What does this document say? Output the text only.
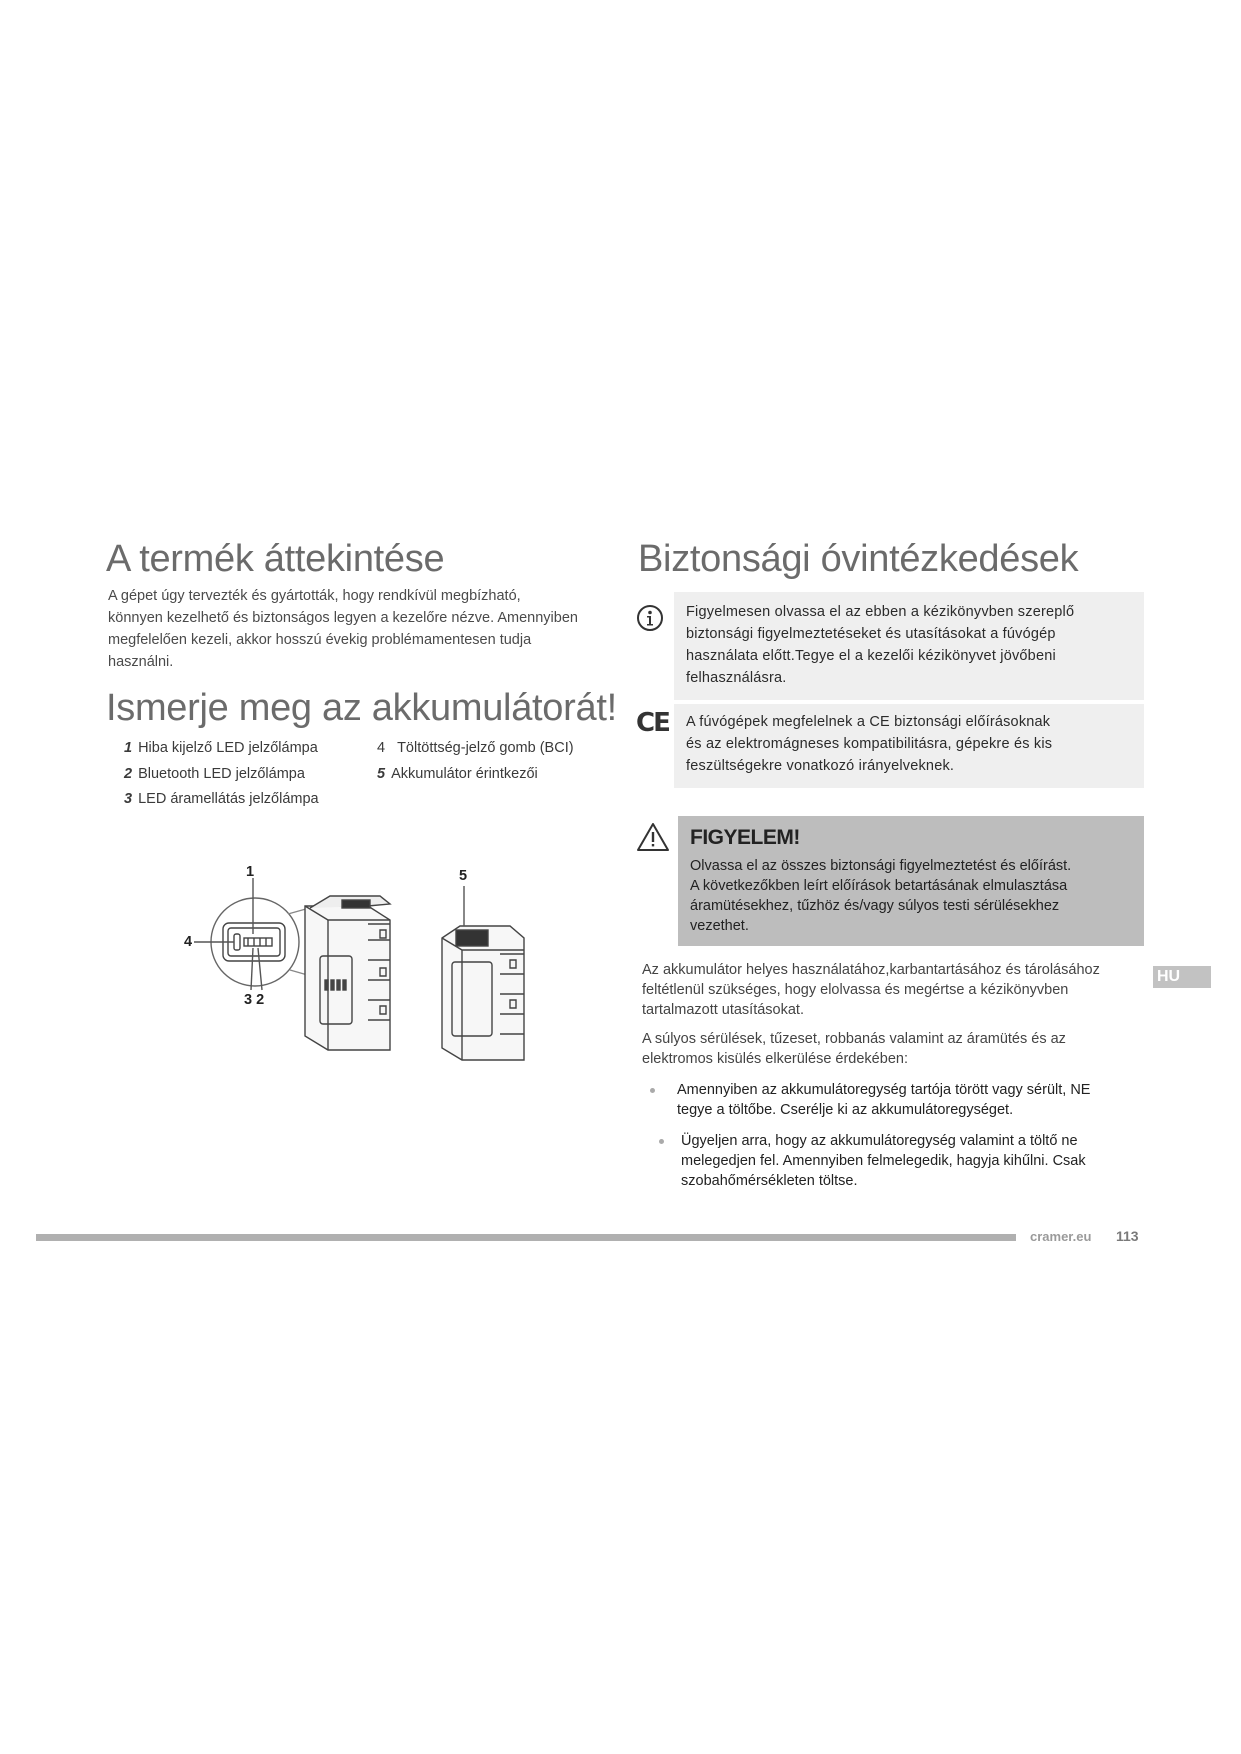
A termék áttekintése
A gépet úgy tervezték és gyártották, hogy rendkívül megbízható,
könnyen kezelhető és biztonságos legyen a kezelőre nézve. Amennyiben
megfelelően kezeli, akkor hosszú évekig problémamentesen tudja
használni.
Ismerje meg az akkumulátorát!
1 Hiba kijelző LED jelzőlámpa
2 Bluetooth LED jelzőlámpa
3 LED áramellátás jelzőlámpa
4 Töltöttség-jelző gomb (BCI)
5 Akkumulátor érintkezői
1
4
3 2
5
Biztonsági óvintézkedések

Figyelmesen olvassa el az ebben a kézikönyvben szereplő

biztonsági figyelmeztetéseket és utasításokat a fúvógép

használata előtt.Tegye el a kezelői kézikönyvet jövőbeni

felhasználásra.

CE A fúvógépek megfelelnek a CE biztonsági előírásoknak

és az elektromágneses kompatibilitásra, gépekre és kis

feszültségekre vonatkozó irányelveknek.

FIGYELEM!
Olvassa el az összes biztonsági figyelmeztetést és előírást.
A következőkben leírt előírások betartásának elmulasztása
áramütésekhez, tűzhöz és/vagy súlyos testi sérülésekhez
vezethet.

Az akkumulátor helyes használatához,karbantartásához és tárolásához

feltétlenül szükséges, hogy elolvassa és megértse a kézikönyvben

tartalmazott utasításokat.

A súlyos sérülések, tűzeset, robbanás valamint az áramütés és az

elektromos kisülés elkerülése érdekében:

Amennyiben az akkumulátoregység tartója törött vagy sérült, NE

tegye a töltőbe. Cserélje ki az akkumulátoregységet.

Ügyeljen arra, hogy az akkumulátoregység valamint a töltő ne

melegedjen fel. Amennyiben felmelegedik, hagyja kihűlni. Csak

szobahőmérsékleten töltse.

HU
cramer.eu 113
